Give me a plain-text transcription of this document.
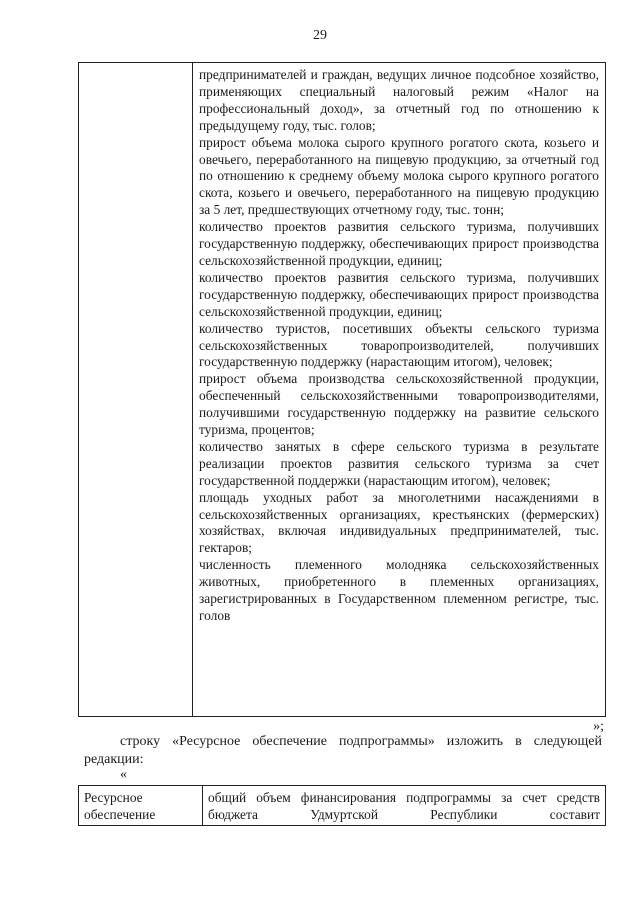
29

предпринимателей и граждан, ведущих личное подсобное хозяйство, применяющих специальный налоговый режим «Налог на профессиональный доход», за отчетный год по отношению к предыдущему году, тыс. голов;

прирост объема молока сырого крупного рогатого скота, козьего и овечьего, переработанного на пищевую продукцию, за отчетный год по отношению к среднему объему молока сырого крупного рогатого скота, козьего и овечьего, переработанного на пищевую продукцию за 5 лет, предшествующих отчетному году, тыс. тонн;

количество проектов развития сельского туризма, получивших государственную поддержку, обеспечивающих прирост производства сельскохозяйственной продукции, единиц;

количество проектов развития сельского туризма, получивших государственную поддержку, обеспечивающих прирост производства сельскохозяйственной продукции, единиц;

количество туристов, посетивших объекты сельского туризма сельскохозяйственных товаропроизводителей, получивших государственную поддержку (нарастающим итогом), человек;

прирост объема производства сельскохозяйственной продукции, обеспеченный сельскохозяйственными товаропроизводителями, получившими государственную поддержку на развитие сельского туризма, процентов;

количество занятых в сфере сельского туризма в результате реализации проектов развития сельского туризма за счет государственной поддержки (нарастающим итогом), человек;

площадь уходных работ за многолетними насаждениями в сельскохозяйственных организациях, крестьянских (фермерских) хозяйствах, включая индивидуальных предпринимателей, тыс. гектаров;

численность племенного молодняка сельскохозяйственных животных, приобретенного в племенных организациях, зарегистрированных в Государственном племенном регистре, тыс. голов

»;
строку «Ресурсное обеспечение подпрограммы» изложить в следующей редакции:
«
Ресурсное обеспечение	общий объем финансирования подпрограммы за счет средств бюджета Удмуртской Республики составит
